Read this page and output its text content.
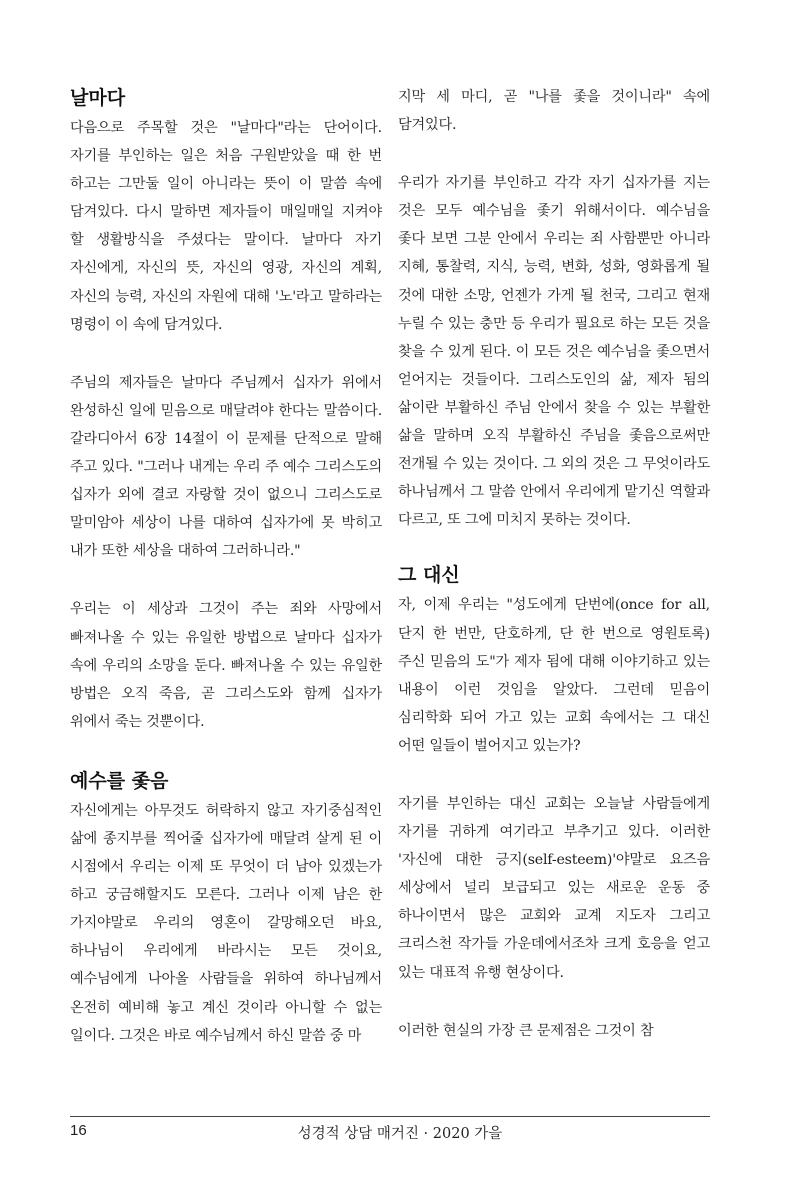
날마다

다음으로 주목할 것은 "날마다"라는 단어이다. 자기를 부인하는 일은 처음 구원받았을 때 한 번 하고는 그만둘 일이 아니라는 뜻이 이 말씀 속에 담겨있다. 다시 말하면 제자들이 매일매일 지켜야 할 생활방식을 주셨다는 말이다. 날마다 자기 자신에게, 자신의 뜻, 자신의 영광, 자신의 계획, 자신의 능력, 자신의 자원에 대해 '노'라고 말하라는 명령이 이 속에 담겨있다.

주님의 제자들은 날마다 주님께서 십자가 위에서 완성하신 일에 믿음으로 매달려야 한다는 말씀이다. 갈라디아서 6장 14절이 이 문제를 단적으로 말해 주고 있다. "그러나 내게는 우리 주 예수 그리스도의 십자가 외에 결코 자랑할 것이 없으니 그리스도로 말미암아 세상이 나를 대하여 십자가에 못 박히고 내가 또한 세상을 대하여 그러하니라."

우리는 이 세상과 그것이 주는 죄와 사망에서 빠져나올 수 있는 유일한 방법으로 날마다 십자가 속에 우리의 소망을 둔다. 빠져나올 수 있는 유일한 방법은 오직 죽음, 곧 그리스도와 함께 십자가 위에서 죽는 것뿐이다.

예수를 좇음

자신에게는 아무것도 허락하지 않고 자기중심적인 삶에 종지부를 찍어줄 십자가에 매달려 살게 된 이 시점에서 우리는 이제 또 무엇이 더 남아 있겠는가 하고 궁금해할지도 모른다. 그러나 이제 남은 한 가지야말로 우리의 영혼이 갈망해오던 바요, 하나님이 우리에게 바라시는 모든 것이요, 예수님에게 나아올 사람들을 위하여 하나님께서 온전히 예비해 놓고 계신 것이라 아니할 수 없는 일이다. 그것은 바로 예수님께서 하신 말씀 중 마

지막 세 마디, 곧 "나를 좇을 것이니라" 속에 담겨있다.

우리가 자기를 부인하고 각각 자기 십자가를 지는 것은 모두 예수님을 좇기 위해서이다. 예수님을 좇다 보면 그분 안에서 우리는 죄 사함뿐만 아니라 지혜, 통찰력, 지식, 능력, 변화, 성화, 영화롭게 될 것에 대한 소망, 언젠가 가게 될 천국, 그리고 현재 누릴 수 있는 충만 등 우리가 필요로 하는 모든 것을 찾을 수 있게 된다. 이 모든 것은 예수님을 좇으면서 얻어지는 것들이다. 그리스도인의 삶, 제자 됨의 삶이란 부활하신 주님 안에서 찾을 수 있는 부활한 삶을 말하며 오직 부활하신 주님을 좇음으로써만 전개될 수 있는 것이다. 그 외의 것은 그 무엇이라도 하나님께서 그 말씀 안에서 우리에게 맡기신 역할과 다르고, 또 그에 미치지 못하는 것이다.

그 대신

자, 이제 우리는 "성도에게 단번에(once for all, 단지 한 번만, 단호하게, 단 한 번으로 영원토록) 주신 믿음의 도"가 제자 됨에 대해 이야기하고 있는 내용이 이런 것임을 알았다. 그런데 믿음이 심리학화 되어 가고 있는 교회 속에서는 그 대신 어떤 일들이 벌어지고 있는가?

자기를 부인하는 대신 교회는 오늘날 사람들에게 자기를 귀하게 여기라고 부추기고 있다. 이러한 '자신에 대한 긍지(self-esteem)'야말로 요즈음 세상에서 널리 보급되고 있는 새로운 운동 중 하나이면서 많은 교회와 교계 지도자 그리고 크리스천 작가들 가운데에서조차 크게 호응을 얻고 있는 대표적 유행 현상이다.

이러한 현실의 가장 큰 문제점은 그것이 참

16	성경적 상담 매거진 · 2020 가을
